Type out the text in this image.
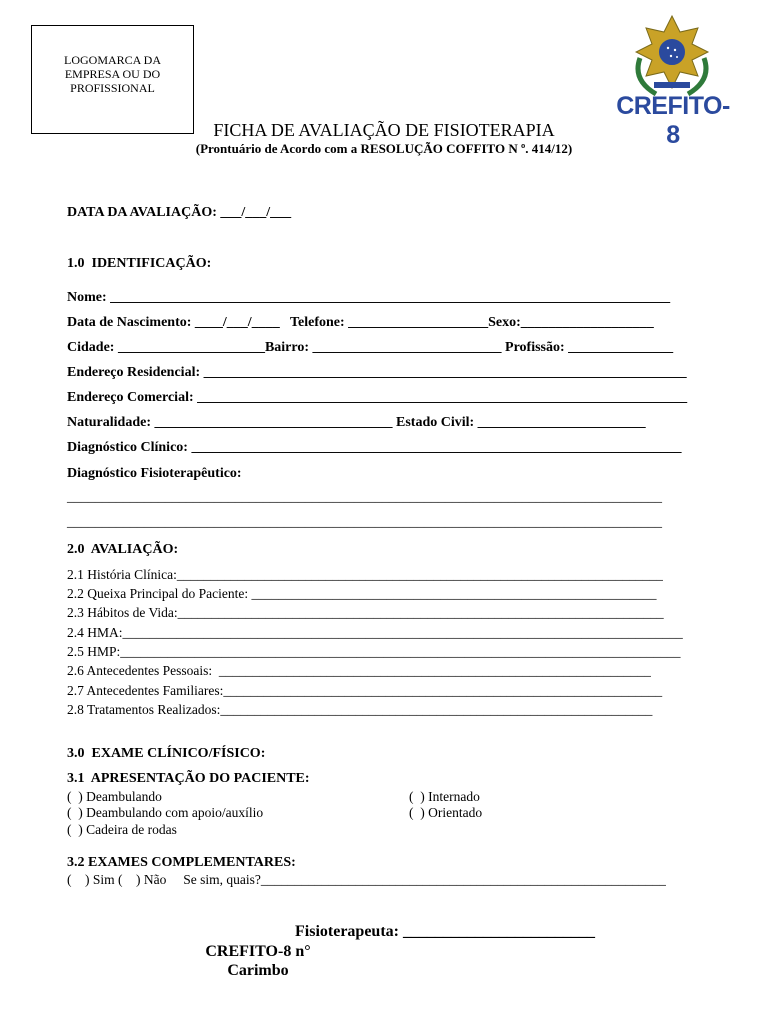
LOGOMARCA DA EMPRESA OU DO PROFISSIONAL
CREFITO-8
FICHA DE AVALIAÇÃO DE FISIOTERAPIA
(Prontuário de Acordo com a RESOLUÇÃO COFFITO N º. 414/12)
DATA DA AVALIAÇÃO: ___/___/___
1.0  IDENTIFICAÇÃO:
Nome: ________________________________________________________________________________
Data de Nascimento: ____/___/____   Telefone: ____________________Sexo:___________________
Cidade: _____________________Bairro: ___________________________ Profissão: _______________
Endereço Residencial: _____________________________________________________________________
Endereço Comercial: ______________________________________________________________________
Naturalidade: __________________________________ Estado Civil: ________________________
Diagnóstico Clínico: ______________________________________________________________________
Diagnóstico Fisioterapêutico:
_____________________________________________________________________________________
_____________________________________________________________________________________
2.0  AVALIAÇÃO:
2.1 História Clínica:________________________________________________________________________
2.2 Queixa Principal do Paciente: ____________________________________________________________
2.3 Hábitos de Vida:________________________________________________________________________
2.4 HMA:___________________________________________________________________________________
2.5 HMP:___________________________________________________________________________________
2.6 Antecedentes Pessoais:  ________________________________________________________________
2.7 Antecedentes Familiares:_________________________________________________________________
2.8 Tratamentos Realizados:________________________________________________________________
3.0  EXAME CLÍNICO/FÍSICO:
3.1  APRESENTAÇÃO DO PACIENTE:
(  ) Deambulando
(  ) Deambulando com apoio/auxílio
(  ) Cadeira de rodas
(  ) Internado
(  ) Orientado
3.2 EXAMES COMPLEMENTARES:
(    ) Sim (    ) Não     Se sim, quais?____________________________________________________________
Fisioterapeuta: ________________________
CREFITO-8 n°
Carimbo
